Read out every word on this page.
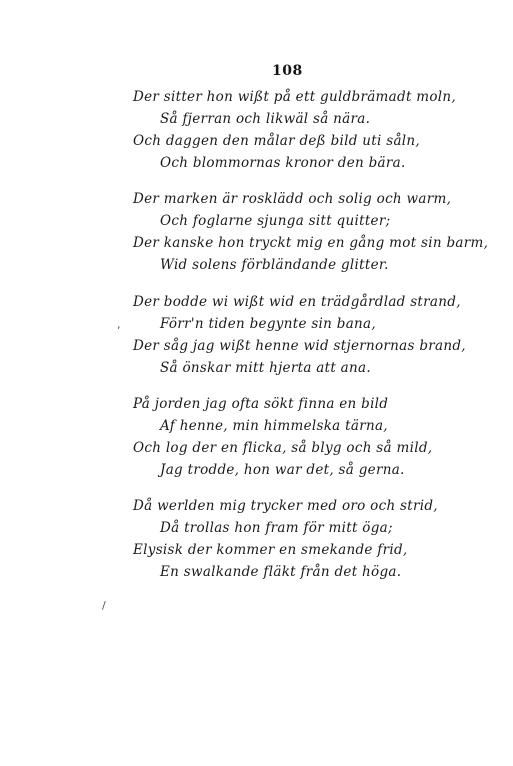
108
Der sitter hon wißt på ett guldbrämadt moln,
Så fjerran och likwäl så nära.
Och daggen den målar deß bild uti såln,
Och blommornas kronor den bära.
Der marken är rosklädd och solig och warm,
Och foglarne sjunga sitt quitter;
Der kanske hon tryckt mig en gång mot sin barm,
Wid solens förbländande glitter.
Der bodde wi wißt wid en trädgårdlad strand,
Förr'n tiden begynte sin bana,
Der såg jag wißt henne wid stjernornas brand,
Så önskar mitt hjerta att ana.
På jorden jag ofta sökt finna en bild
Af henne, min himmelska tärna,
Och log der en flicka, så blyg och så mild,
Jag trodde, hon war det, så gerna.
Då werlden mig trycker med oro och strid,
Då trollas hon fram för mitt öga;
Elysisk der kommer en smekande frid,
En swalkande fläkt från det höga.
,
/
